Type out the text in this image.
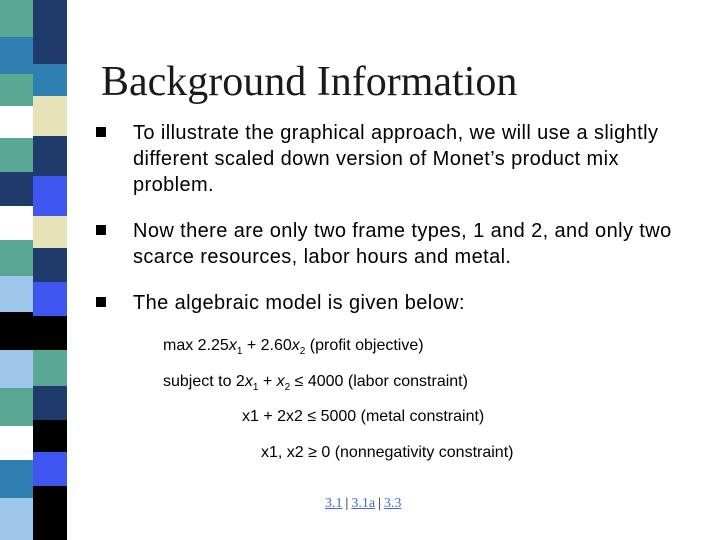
Background Information
To illustrate the graphical approach, we will use a slightly different scaled down version of Monet’s product mix problem.
Now there are only two frame types, 1 and 2, and only two scarce resources, labor hours and metal.
The algebraic model is given below:
$\max 2.25x_1 + 2.60x_2$ (profit objective)
subject to $2x_1 + x_2 \le 4000$ (labor constraint)
x1 + 2x2 ≤ 5000 (metal constraint)
x1, x2 ≥ 0 (nonnegativity constraint)
3.1 | 3.1a | 3.3
